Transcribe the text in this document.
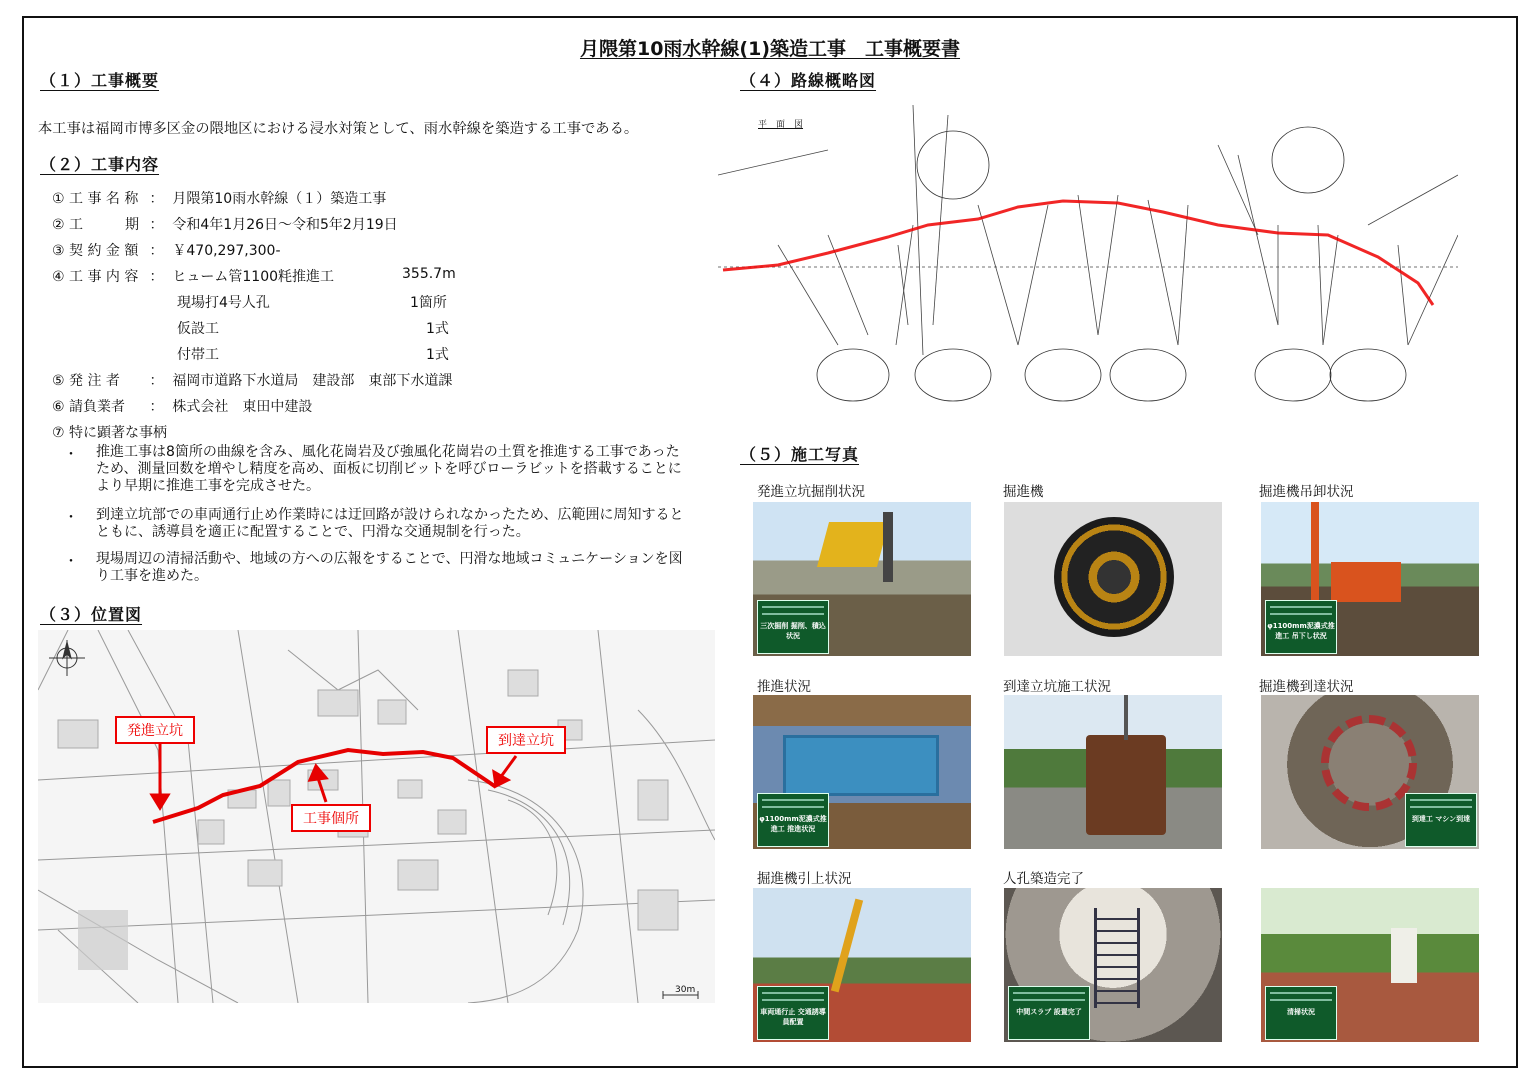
月隈第10雨水幹線(1)築造工事　工事概要書
（１）工事概要
本工事は福岡市博多区金の隈地区における浸水対策として、雨水幹線を築造する工事である。
（２）工事内容
① 工 事 名 称 ： 月隈第10雨水幹線（１）築造工事
② 工　　　期 ： 令和4年1月26日～令和5年2月19日
③ 契 約 金 額 ： ￥470,297,300-
④ 工 事 内 容 ： ヒューム管1100粍推進工	355.7m
現場打4号人孔	1箇所
仮設工	1式
付帯工	1式
⑤ 発 注 者 ： 福岡市道路下水道局　建設部　東部下水道課
⑥ 請負業者 ： 株式会社　東田中建設
⑦ 特に顕著な事柄
・ 推進工事は8箇所の曲線を含み、風化花崗岩及び強風化花崗岩の土質を推進する工事であったため、測量回数を増やし精度を高め、面板に切削ビットを呼びローラビットを搭載することにより早期に推進工事を完成させた。
・ 到達立坑部での車両通行止め作業時には迂回路が設けられなかったため、広範囲に周知するとともに、誘導員を適正に配置することで、円滑な交通規制を行った。
・ 現場周辺の清掃活動や、地域の方への広報をすることで、円滑な地域コミュニケーションを図り工事を進めた。
（３）位置図
発進立坑
工事個所
到達立坑
30m
（４）路線概略図
平　面　図
（５）施工写真
発進立坑掘削状況
三次掘削 掘削、積込状況
掘進機	掘進機吊卸状況
φ1100mm泥濃式推進工 吊下し状況
推進状況
φ1100mm泥濃式推進工 推進状況
到達立坑施工状況	掘進機到達状況
到達工 マシン到達
掘進機引上状況
車両通行止 交通誘導員配置
人孔築造完了
中間スラブ 設置完了	清掃状況
